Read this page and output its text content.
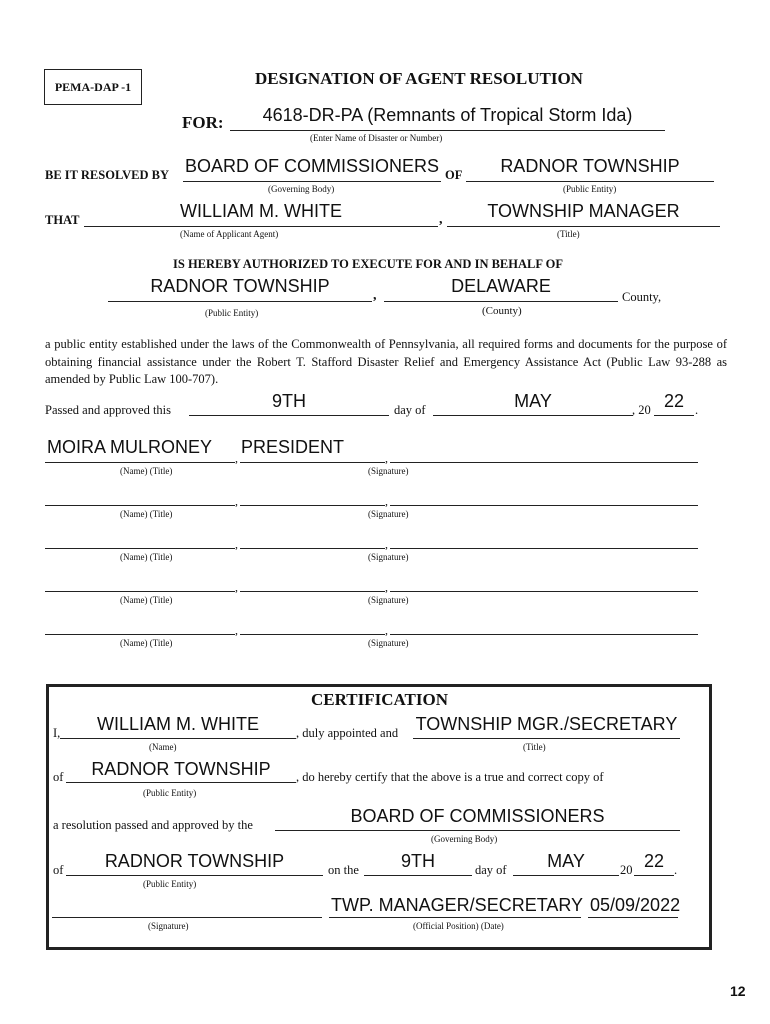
PEMA-DAP -1	DESIGNATION OF AGENT RESOLUTION
FOR:	4618-DR-PA (Remnants of Tropical Storm Ida)
(Enter Name of Disaster or Number)
BE IT RESOLVED BY BOARD OF COMMISSIONERS OF	RADNOR TOWNSHIP
(Governing Body)	(Public Entity)
THAT	WILLIAM M. WHITE	,	TOWNSHIP MANAGER
(Name of Applicant Agent)	(Title)
IS HEREBY AUTHORIZED TO EXECUTE FOR AND IN BEHALF OF
RADNOR TOWNSHIP	,	DELAWARE
County,
(Public Entity)	(County)
a public entity established under the laws of the Commonwealth of Pennsylvania, all required forms and documents for the purpose of obtaining financial assistance under the Robert T. Stafford Disaster Relief and Emergency Assistance Act (Public Law 93-288 as amended by Public Law 100-707).
Passed and approved this	9TH	day of	MAY	, 20 22 .
MOIRA MULRONEY
,
PRESIDENT
,
(Name) (Title)	(Signature)
,	,
(Name) (Title)	(Signature)
,	,
(Name) (Title)	(Signature)
,	,
(Name) (Title)	(Signature)
,	,
(Name) (Title)	(Signature)
CERTIFICATION
I,	WILLIAM M. WHITE	, duly appointed and TOWNSHIP MGR./SECRETARY
(Name)	(Title)
of	RADNOR TOWNSHIP	, do hereby certify that the above is a true and correct copy of
(Public Entity)
a resolution passed and approved by the	BOARD OF COMMISSIONERS
(Governing Body)
of	RADNOR TOWNSHIP	on the	9TH	day of	MAY	20 22 .
(Public Entity)
TWP. MANAGER/SECRETARY 05/09/2022
(Signature)	(Official Position) (Date)
12
